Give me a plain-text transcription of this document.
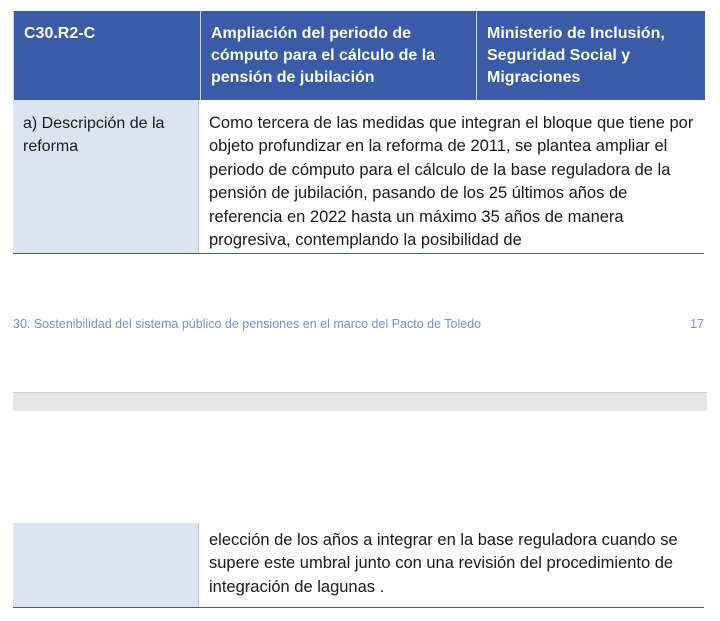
C30.R2-C	Ampliación del periodo de cómputo para el cálculo de la pensión de jubilación
Ministerio de Inclusión, Seguridad Social y Migraciones
a) Descripción de la reforma
Como tercera de las medidas que integran el bloque que tiene por objeto profundizar en la reforma de 2011, se plantea ampliar el periodo de cómputo para el cálculo de la base reguladora de la pensión de jubilación, pasando de los 25 últimos años de referencia en 2022 hasta un máximo 35 años de manera progresiva, contemplando la posibilidad de
30. Sostenibilidad del sistema público de pensiones en el marco del Pacto de Toledo	17
elección de los años a integrar en la base reguladora cuando se supere este umbral junto con una revisión del procedimiento de integración de lagunas .
